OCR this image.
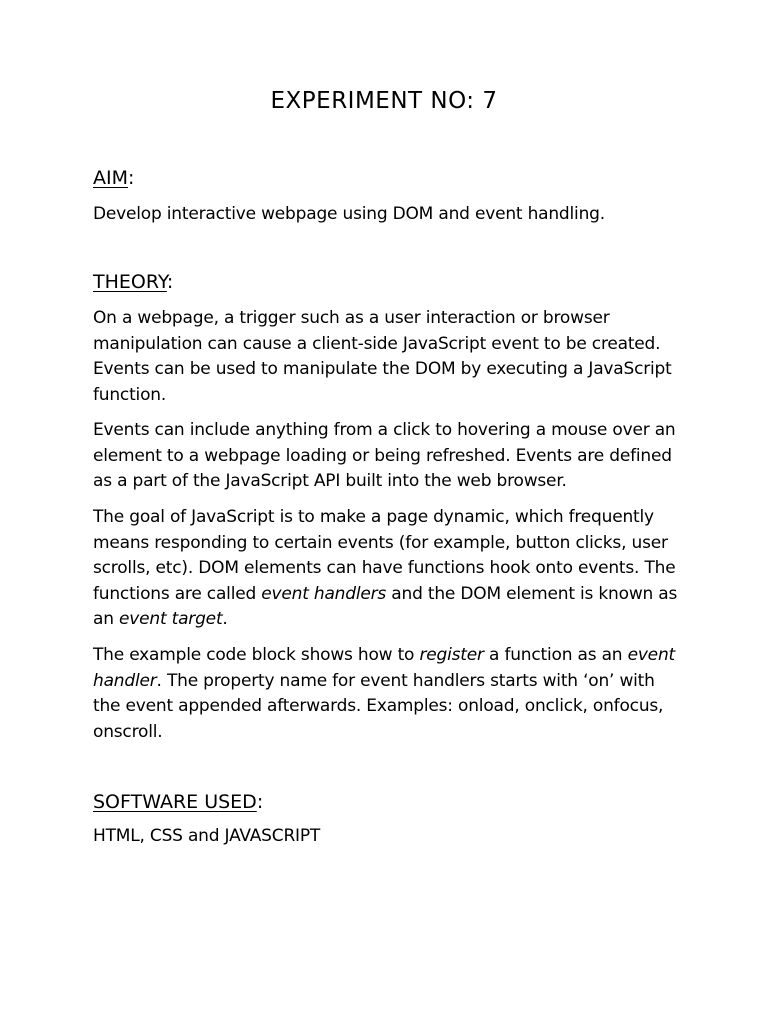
EXPERIMENT NO: 7
AIM:

Develop interactive webpage using DOM and event handling.

THEORY:

On a webpage, a trigger such as a user interaction or browser manipulation can cause a client-side JavaScript event to be created. Events can be used to manipulate the DOM by executing a JavaScript function.

Events can include anything from a click to hovering a mouse over an element to a webpage loading or being refreshed. Events are defined as a part of the JavaScript API built into the web browser.

The goal of JavaScript is to make a page dynamic, which frequently means responding to certain events (for example, button clicks, user scrolls, etc). DOM elements can have functions hook onto events. The functions are called event handlers and the DOM element is known as an event target.

The example code block shows how to register a function as an event handler. The property name for event handlers starts with ‘on’ with the event appended afterwards. Examples: onload, onclick, onfocus, onscroll.

SOFTWARE USED:

HTML, CSS and JAVASCRIPT
